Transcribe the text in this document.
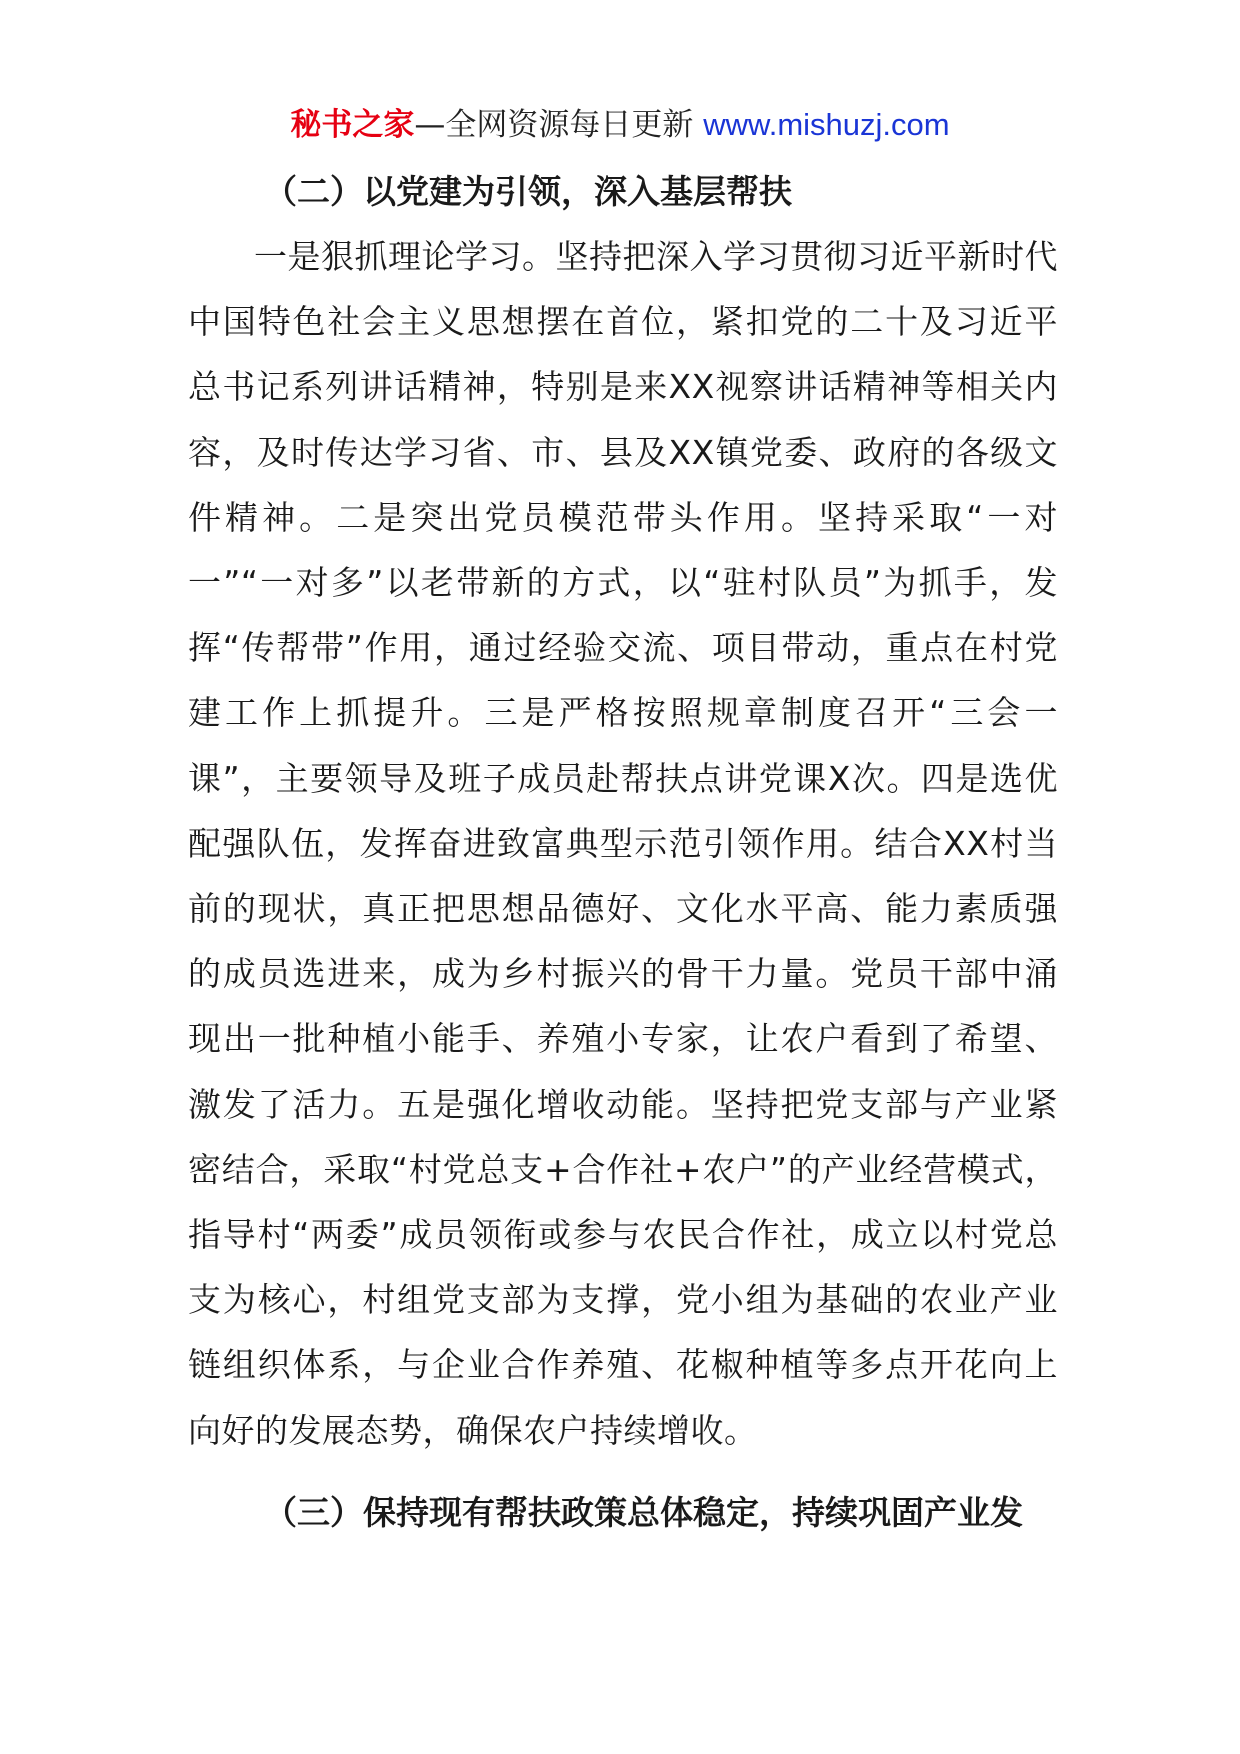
秘书之家—全网资源每日更新 www.mishuzj.com
（二）以党建为引领，深入基层帮扶

一是狠抓理论学习。坚持把深入学习贯彻习近平新时代中国特色社会主义思想摆在首位，紧扣党的二十及习近平总书记系列讲话精神，特别是来XX视察讲话精神等相关内容，及时传达学习省、市、县及XX镇党委、政府的各级文件精神。二是突出党员模范带头作用。坚持采取“一对一”“一对多”以老带新的方式，以“驻村队员”为抓手，发挥“传帮带”作用，通过经验交流、项目带动，重点在村党建工作上抓提升。三是严格按照规章制度召开“三会一课”，主要领导及班子成员赴帮扶点讲党课X次。四是选优配强队伍，发挥奋进致富典型示范引领作用。结合XX村当前的现状，真正把思想品德好、文化水平高、能力素质强的成员选进来，成为乡村振兴的骨干力量。党员干部中涌现出一批种植小能手、养殖小专家，让农户看到了希望、激发了活力。五是强化增收动能。坚持把党支部与产业紧密结合，采取“村党总支+合作社+农户”的产业经营模式，指导村“两委”成员领衔或参与农民合作社，成立以村党总支为核心，村组党支部为支撑，党小组为基础的农业产业链组织体系，与企业合作养殖、花椒种植等多点开花向上向好的发展态势，确保农户持续增收。

（三）保持现有帮扶政策总体稳定，持续巩固产业发
